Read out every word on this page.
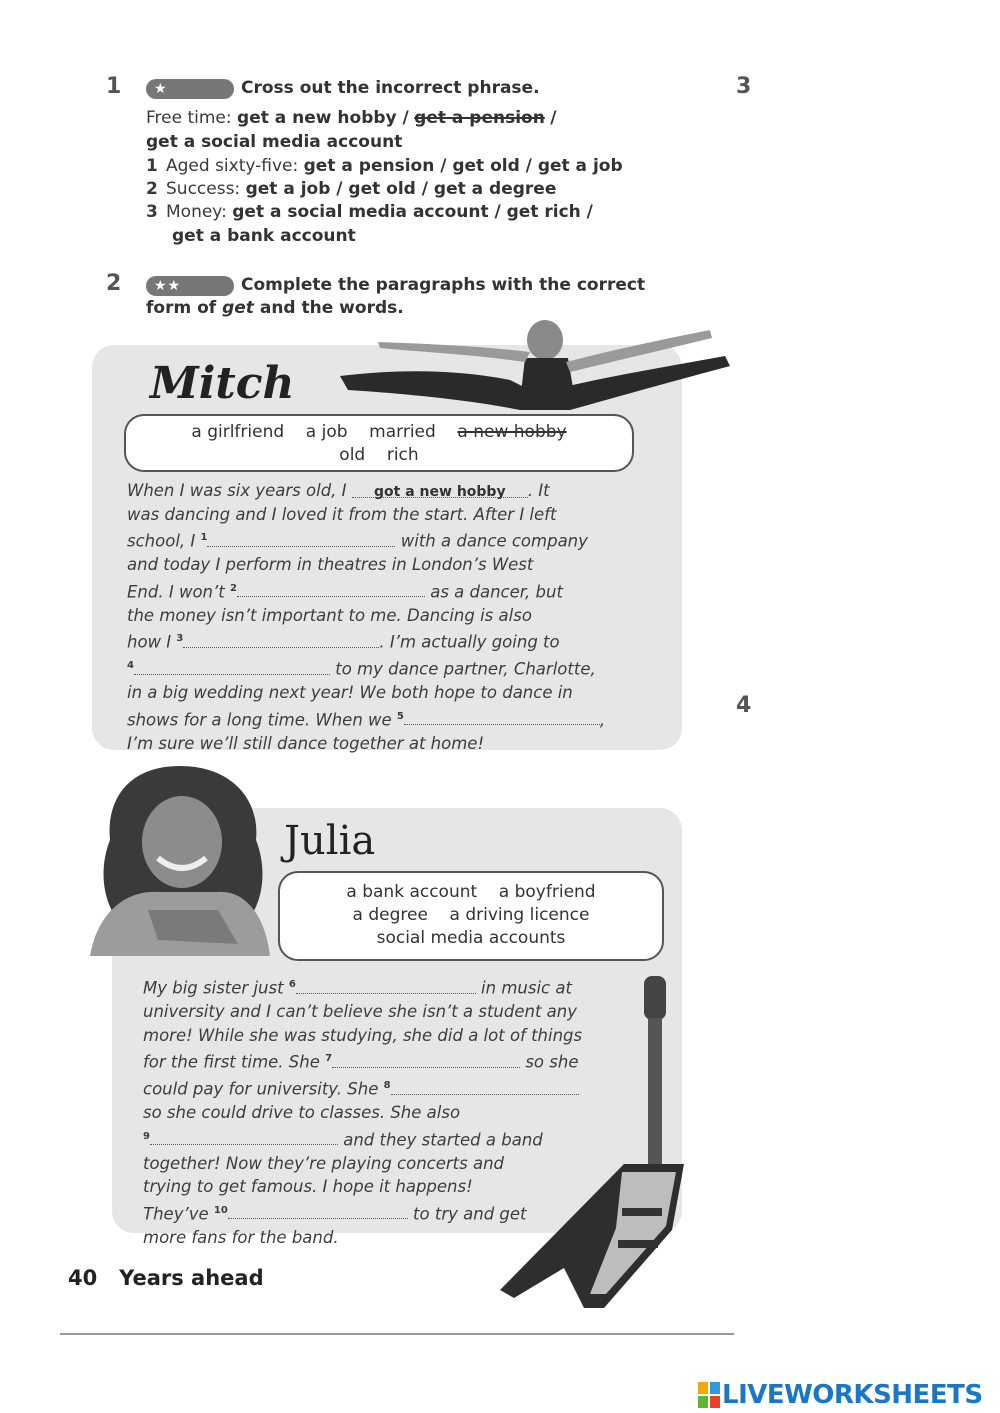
1	★	Cross out the incorrect phrase.
Free time: get a new hobby / get a pension /
get a social media account
1 Aged sixty-five: get a pension / get old / get a job
2 Success: get a job / get old / get a degree
3 Money: get a social media account / get rich /
get a bank account
3
4
2	★★	Complete the paragraphs with the correct
form of get and the words.
Mitch
a girlfriend a job married a new hobby
old rich
When I was six years old, I got a new hobby . It
was dancing and I loved it from the start. After I left
school, I $^1$	with a dance company
and today I perform in theatres in London’s West
End. I won’t $^2$	as a dancer, but
the money isn’t important to me. Dancing is also
how I $^3$	. I’m actually going to
$^4$	to my dance partner, Charlotte,
in a big wedding next year! We both hope to dance in
shows for a long time. When we $^5$	,
I’m sure we’ll still dance together at home!
Julia
a bank account a boyfriend
a degree a driving licence
social media accounts
My big sister just $^6$	in music at
university and I can’t believe she isn’t a student any
more! While she was studying, she did a lot of things
for the first time. She $^7$	so she
could pay for university. She $^8$
so she could drive to classes. She also
$^9$	and they started a band
together! Now they’re playing concerts and
trying to get famous. I hope it happens!
They’ve $^{10}$	to try and get
more fans for the band.
40 Years ahead
LIVEWORKSHEETS
